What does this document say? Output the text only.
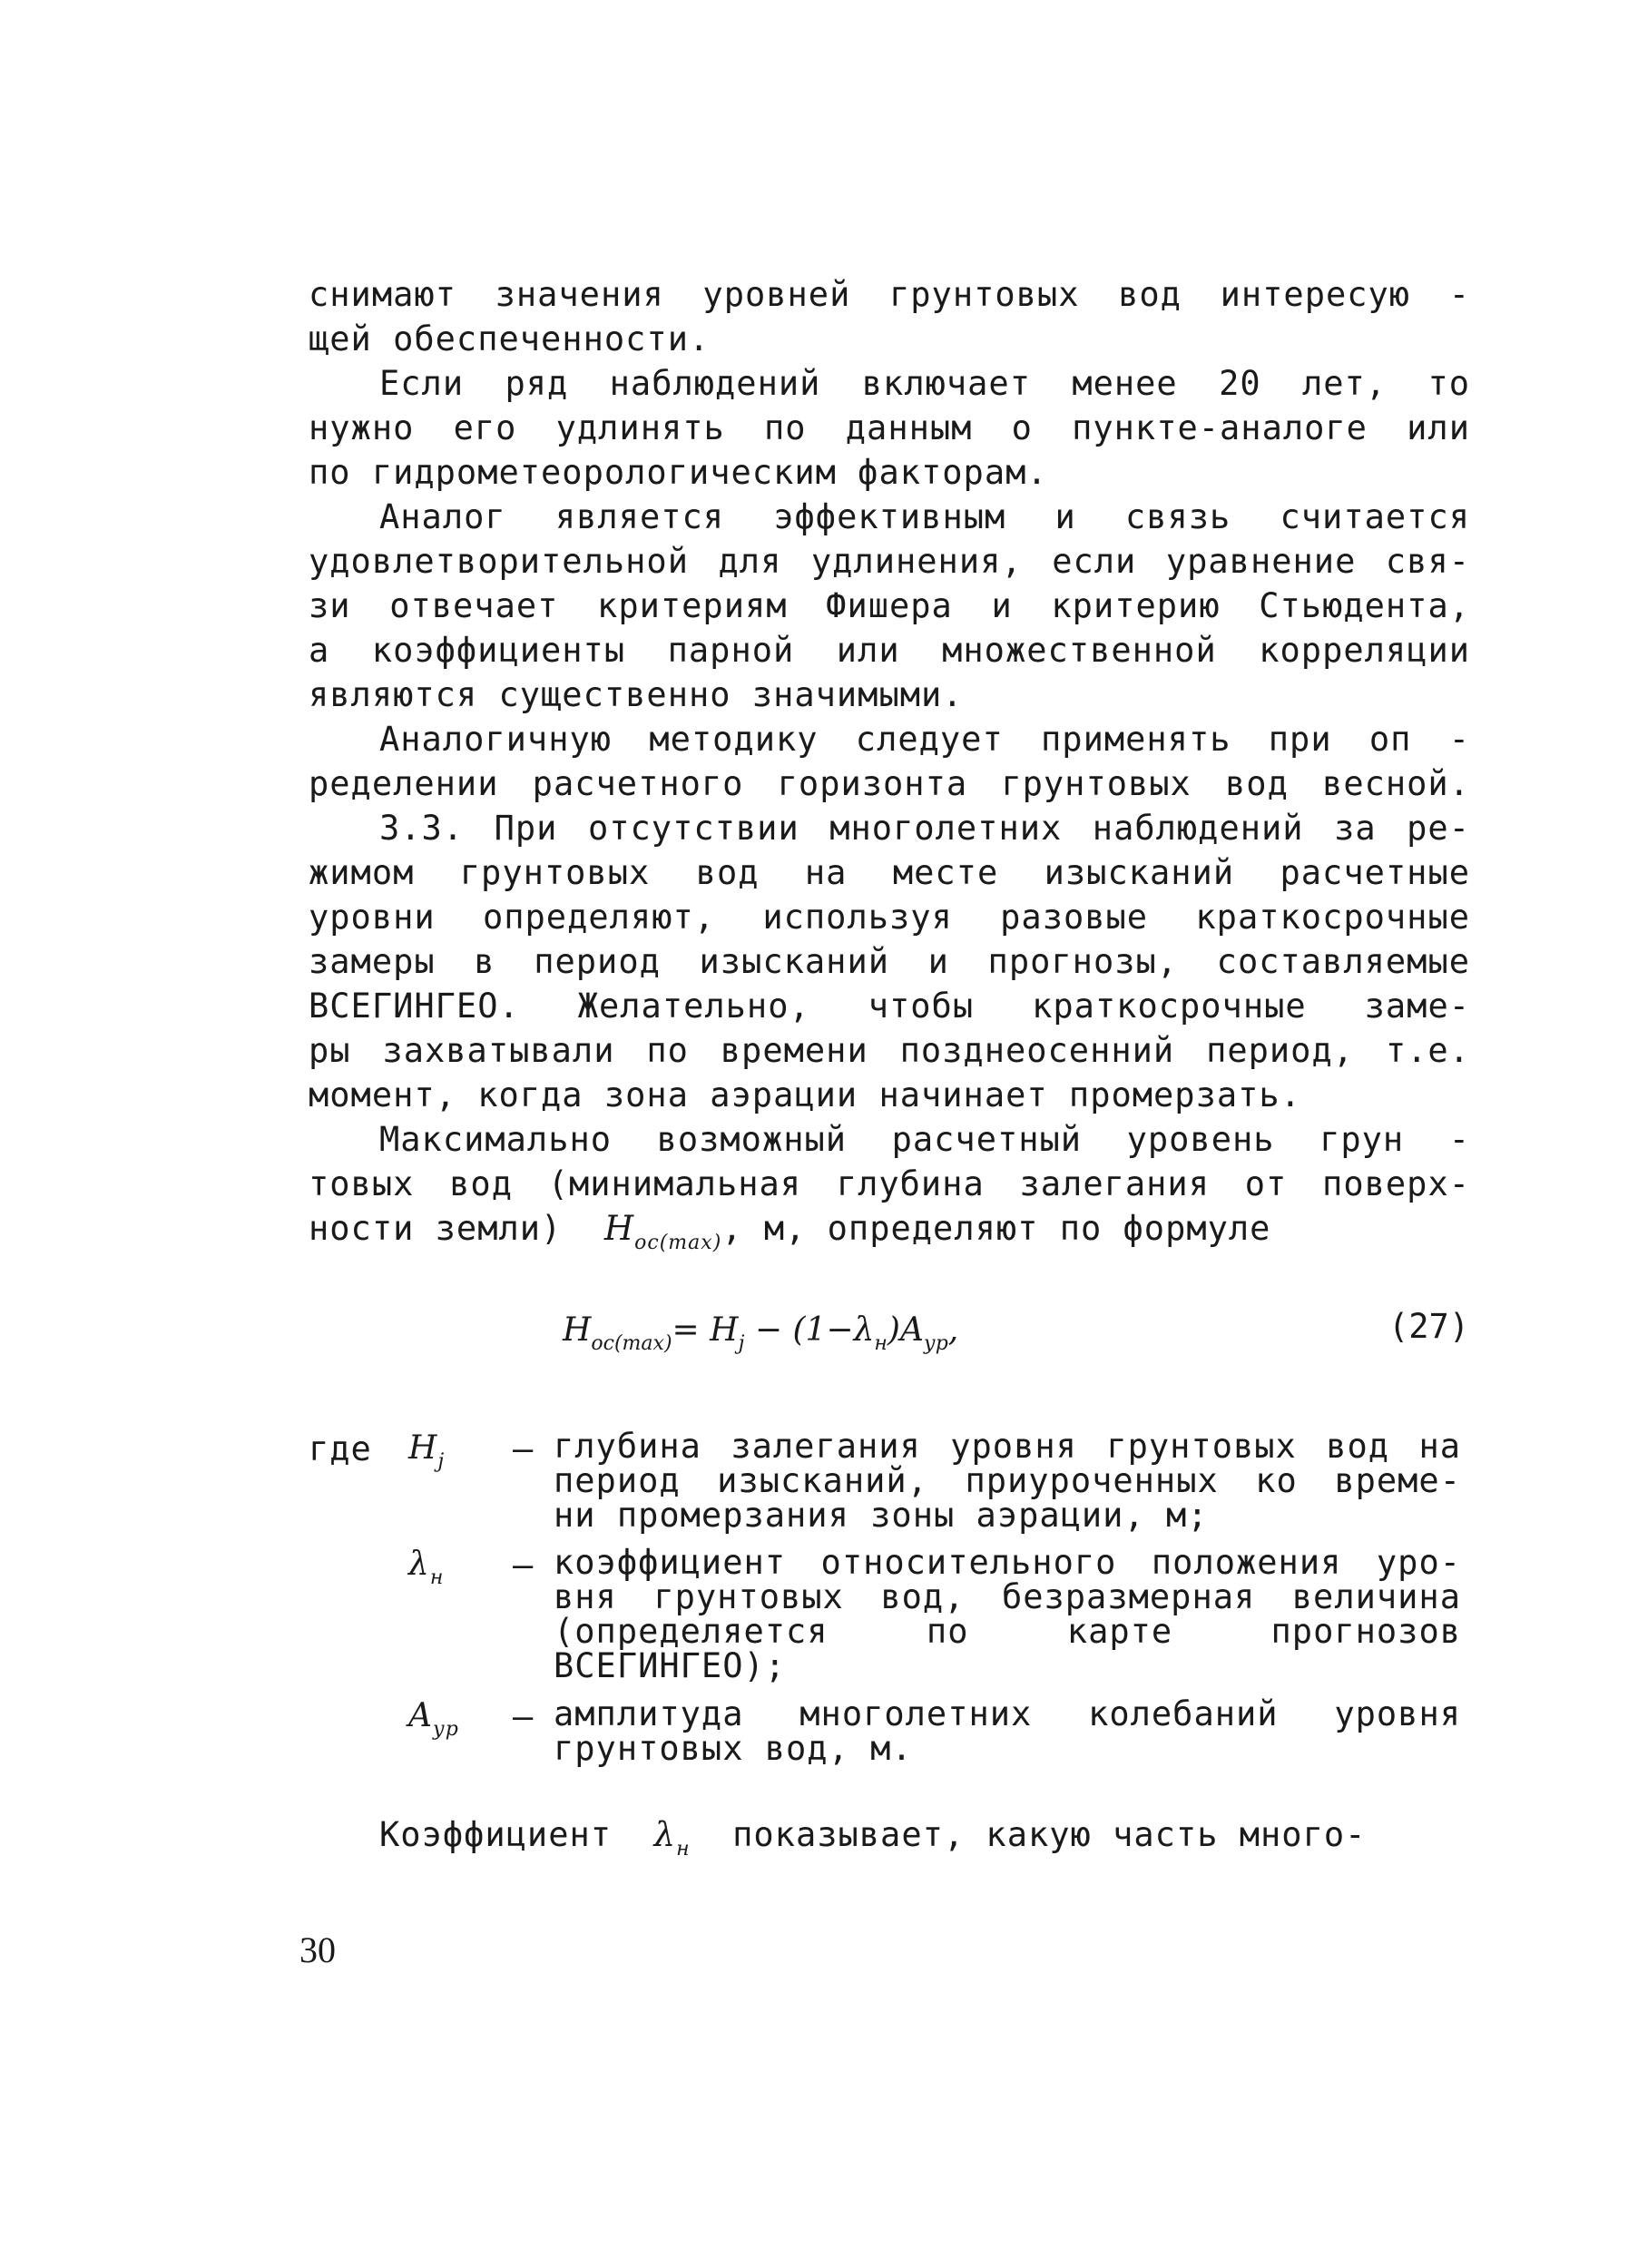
снимают значения уровней грунтовых вод интересую -
щей обеспеченности.
Если ряд наблюдений включает менее 20 лет, то
нужно его удлинять по данным о пункте-аналоге или
по гидрометеорологическим факторам.
Аналог является эффективным и связь считается
удовлетворительной для удлинения, если уравнение свя-
зи отвечает критериям Фишера и критерию Стьюдента,
а коэффициенты парной или множественной корреляции
являются существенно значимыми.
Аналогичную методику следует применять при оп -
ределении расчетного горизонта грунтовых вод весной.
3.3. При отсутствии многолетних наблюдений за ре-
жимом грунтовых вод на месте изысканий расчетные
уровни определяют, используя разовые краткосрочные
замеры в период изысканий и прогнозы, составляемые
ВСЕГИНГЕО. Желательно, чтобы краткосрочные заме-
ры захватывали по времени позднеосенний период, т.е.
момент, когда зона аэрации начинает промерзать.
Максимально возможный расчетный уровень грун -
товых вод (минимальная глубина залегания от поверх-
ности земли) $H_{ос(max)}$, м, определяют по формуле
$H_{ос(max)}= H_j - (1-\lambda_н)A_{ур}$,	(27)
где $H_j$	– глубина залегания уровня грунтовых вод на
период изысканий, приуроченных ко време-
ни промерзания зоны аэрации, м;
$\lambda_н$	– коэффициент относительного положения уро-
вня грунтовых вод, безразмерная величина
(определяется по карте прогнозов
ВСЕГИНГЕО);
$A_{ур}$	– амплитуда многолетних колебаний уровня
грунтовых вод, м.
Коэффициент $\lambda_н$ показывает, какую часть много-
30
